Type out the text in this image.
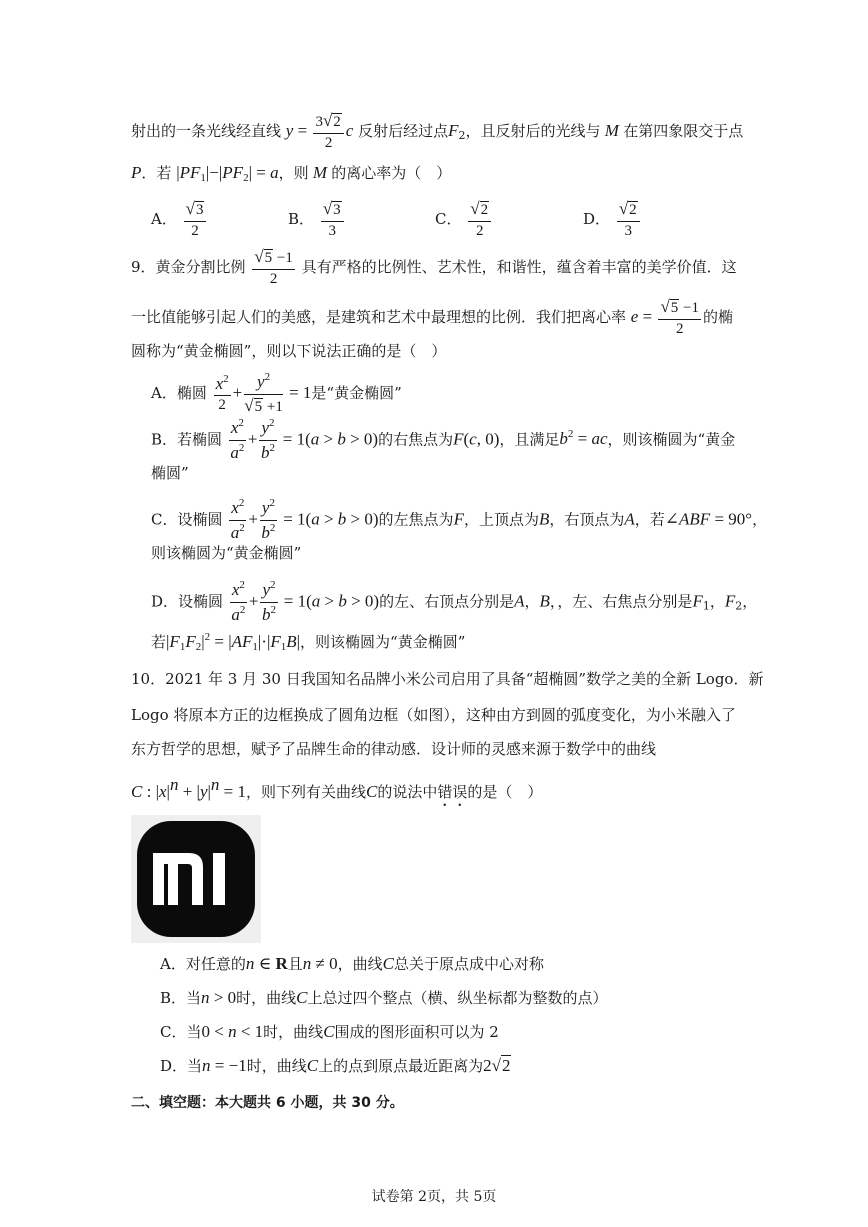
射出的一条光线经直线 $y = \frac{3√2}{2}$ c 反射后经过点$F_2$，且反射后的光线与 M 在第四象限交于点
P．若 $|PF_1|-|PF_2| = a$，则 M 的离心率为（　）
A． $\frac{√3}{2}$	B． $\frac{√3}{3}$	C． $\frac{√2}{2}$	D． $\frac{√2}{3}$
9．黄金分割比例 $\frac{√5 -1}{2}$ 具有严格的比例性、艺术性，和谐性，蕴含着丰富的美学价值．这
一比值能够引起人们的美感，是建筑和艺术中最理想的比例．我们把离心率 $e = \frac{√5 -1}{2}$ 的椭
圆称为“黄金椭圆”，则以下说法正确的是（　）
A．椭圆 $\frac{x^2}{2} + \frac{y^2}{√5 +1} = 1$是“黄金椭圆”
B．若椭圆 $\frac{x^2}{a^2} + \frac{y^2}{b^2} = 1(a > b > 0)$的右焦点为F(c, 0)，且满足$b^2$ = ac，则该椭圆为“黄金
椭圆”
C．设椭圆 $\frac{x^2}{a^2} + \frac{y^2}{b^2} = 1(a > b > 0)$的左焦点为F，上顶点为B，右顶点为A，若∠ABF = 90°，
则该椭圆为“黄金椭圆”
D．设椭圆 $\frac{x^2}{a^2} + \frac{y^2}{b^2} = 1(a > b > 0)$的左、右顶点分别是A，B，，左、右焦点分别是$F_1$，$F_2$，
若$|F_1F_2|^2 = |AF_1|\cdot|F_1B|$，则该椭圆为“黄金椭圆”
10．2021 年 3 月 30 日我国知名品牌小米公司启用了具备“超椭圆”数学之美的全新 Logo．新
Logo 将原本方正的边框换成了圆角边框（如图），这种由方到圆的弧度变化，为小米融入了
东方哲学的思想，赋予了品牌生命的律动感．设计师的灵感来源于数学中的曲线
C : $|x|^n + |y|^n = 1$，则下列有关曲线C的说法中错误的是（　）
A．对任意的n ∈ R且n ≠ 0，曲线C总关于原点成中心对称
B．当n > 0时，曲线C上总过四个整点（横、纵坐标都为整数的点）
C．当0 < n < 1时，曲线C围成的图形面积可以为 2
D．当n = −1时，曲线C上的点到原点最近距离为2√2
二、填空题：本大题共 6 小题，共 30 分。
试卷第 2页，共 5页
